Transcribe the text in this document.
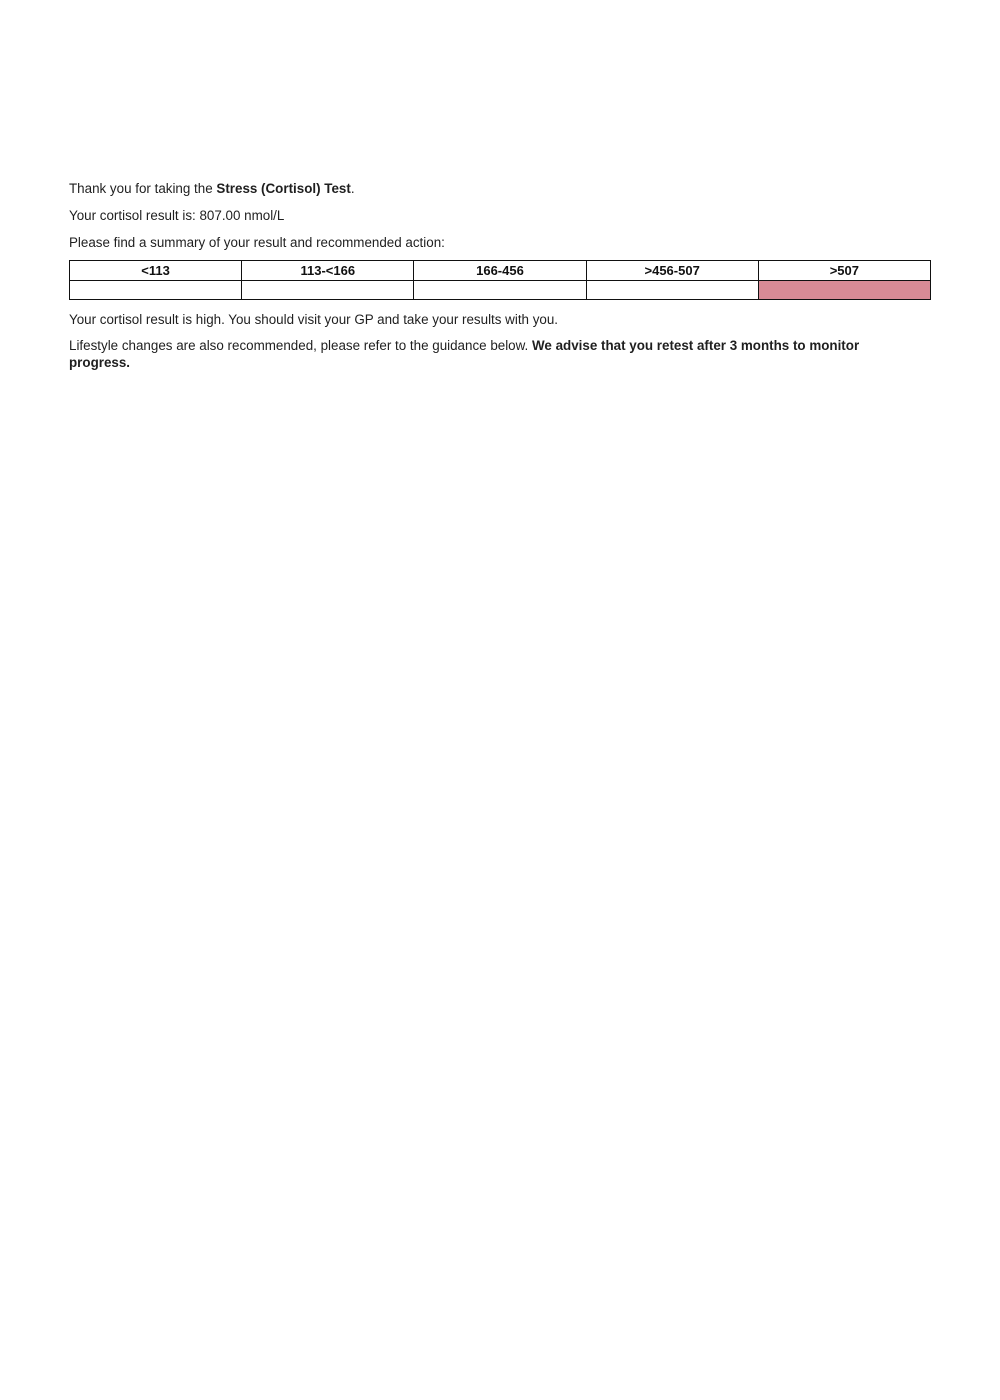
Thank you for taking the Stress (Cortisol) Test.

Your cortisol result is: 807.00 nmol/L

Please find a summary of your result and recommended action:

<113	113-<166	166-456	>456-507	>507

Your cortisol result is high. You should visit your GP and take your results with you.

Lifestyle changes are also recommended, please refer to the guidance below. We advise that you retest after 3 months to monitor progress.
